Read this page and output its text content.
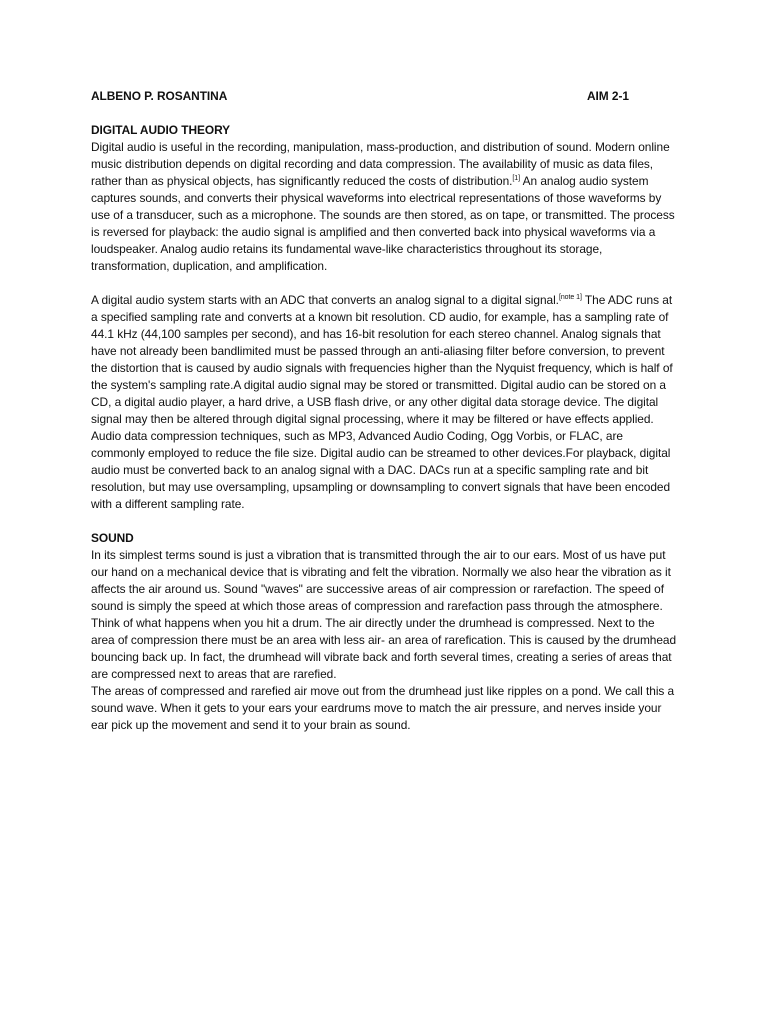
ALBENO P. ROSANTINA	AIM 2-1
DIGITAL AUDIO THEORY

Digital audio is useful in the recording, manipulation, mass-production, and distribution of sound. Modern online music distribution depends on digital recording and data compression. The availability of music as data files, rather than as physical objects, has significantly reduced the costs of distribution.[1] An analog audio system captures sounds, and converts their physical waveforms into electrical representations of those waveforms by use of a transducer, such as a microphone. The sounds are then stored, as on tape, or transmitted. The process is reversed for playback: the audio signal is amplified and then converted back into physical waveforms via a loudspeaker. Analog audio retains its fundamental wave-like characteristics throughout its storage, transformation, duplication, and amplification.

A digital audio system starts with an ADC that converts an analog signal to a digital signal.[note 1] The ADC runs at a specified sampling rate and converts at a known bit resolution. CD audio, for example, has a sampling rate of 44.1 kHz (44,100 samples per second), and has 16-bit resolution for each stereo channel. Analog signals that have not already been bandlimited must be passed through an anti-aliasing filter before conversion, to prevent the distortion that is caused by audio signals with frequencies higher than the Nyquist frequency, which is half of the system's sampling rate.A digital audio signal may be stored or transmitted. Digital audio can be stored on a CD, a digital audio player, a hard drive, a USB flash drive, or any other digital data storage device. The digital signal may then be altered through digital signal processing, where it may be filtered or have effects applied. Audio data compression techniques, such as MP3, Advanced Audio Coding, Ogg Vorbis, or FLAC, are commonly employed to reduce the file size. Digital audio can be streamed to other devices.For playback, digital audio must be converted back to an analog signal with a DAC. DACs run at a specific sampling rate and bit resolution, but may use oversampling, upsampling or downsampling to convert signals that have been encoded with a different sampling rate.

SOUND

In its simplest terms sound is just a vibration that is transmitted through the air to our ears. Most of us have put our hand on a mechanical device that is vibrating and felt the vibration. Normally we also hear the vibration as it affects the air around us. Sound "waves" are successive areas of air compression or rarefaction. The speed of sound is simply the speed at which those areas of compression and rarefaction pass through the atmosphere.

Think of what happens when you hit a drum. The air directly under the drumhead is compressed. Next to the area of compression there must be an area with less air- an area of rarefication. This is caused by the drumhead bouncing back up. In fact, the drumhead will vibrate back and forth several times, creating a series of areas that are compressed next to areas that are rarefied.

The areas of compressed and rarefied air move out from the drumhead just like ripples on a pond. We call this a sound wave. When it gets to your ears your eardrums move to match the air pressure, and nerves inside your ear pick up the movement and send it to your brain as sound.
